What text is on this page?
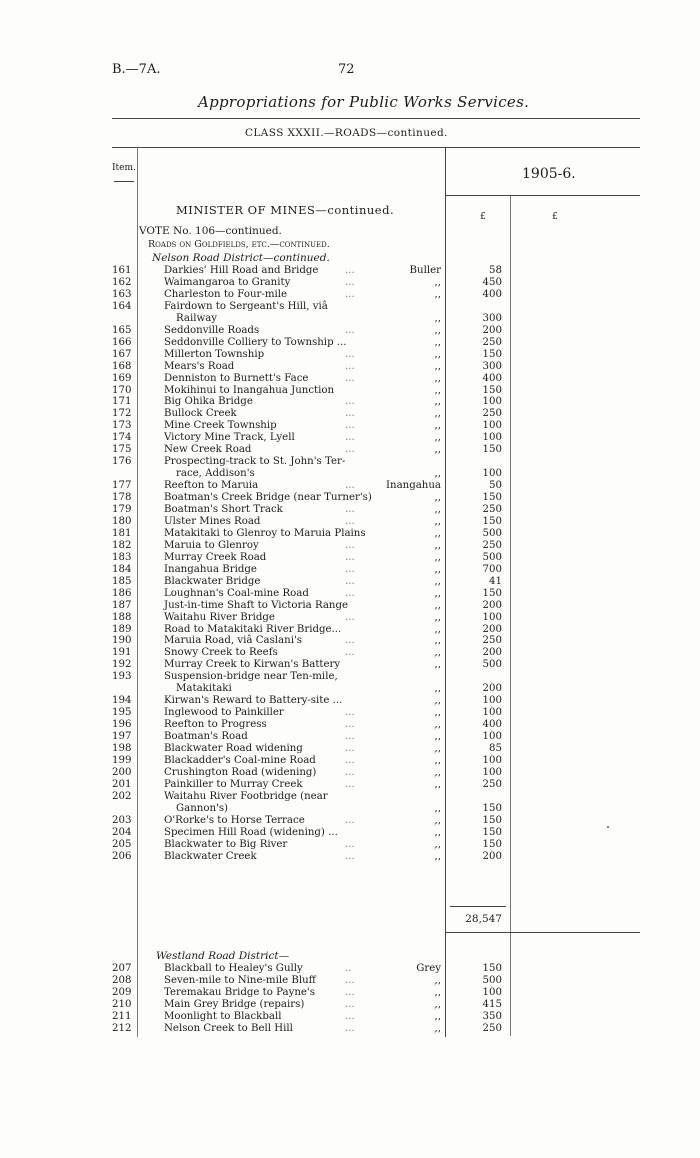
B.—7A.	72
Appropriations for Public Works Services.
CLASS XXXII.—ROADS—continued.
Item.	1905-6.
£	£
MINISTER OF MINES—continued.
VOTE No. 106—continued.
Roads on Goldfields, etc.—continued.
Nelson Road District—continued.
161	Darkies' Hill Road and Bridge	...	Buller	58
162	Waimangaroa to Granity	...	,,	450
163	Charleston to Four-mile	...	,,	400
164	Fairdown to Sergeant's Hill, viâ
Railway	,,	300
165	Seddonville Roads	...	,,	200
166	Seddonville Colliery to Township ...	,,	250
167	Millerton Township	...	,,	150
168	Mears's Road	...	,,	300
169	Denniston to Burnett's Face	...	,,	400
170	Mokihinui to Inangahua Junction	,,	150
171	Big Ohika Bridge	...	,,	100
172	Bullock Creek	...	,,	250
173	Mine Creek Township	...	,,	100
174	Victory Mine Track, Lyell	...	,,	100
175	New Creek Road	...	,,	150
176	Prospecting-track to St. John's Ter-
race, Addison's	,,	100
177	Reefton to Maruia	...	Inangahua	50
178	Boatman's Creek Bridge (near Turner's)	,,	150
179	Boatman's Short Track	...	,,	250
180	Ulster Mines Road	...	,,	150
181	Matakitaki to Glenroy to Maruia Plains	,,	500
182	Maruia to Glenroy	...	,,	250
183	Murray Creek Road	...	,,	500
184	Inangahua Bridge	...	,,	700
185	Blackwater Bridge	...	,,	41
186	Loughnan's Coal-mine Road	...	,,	150
187	Just-in-time Shaft to Victoria Range	,,	200
188	Waitahu River Bridge	...	,,	100
189	Road to Matakitaki River Bridge...	,,	200
190	Maruia Road, viâ Caslani's	...	,,	250
191	Snowy Creek to Reefs	...	,,	200
192	Murray Creek to Kirwan's Battery	,,	500
193	Suspension-bridge near Ten-mile,
Matakitaki	,,	200
194	Kirwan's Reward to Battery-site ...	,,	100
195	Inglewood to Painkiller	...	,,	100
196	Reefton to Progress	...	,,	400
197	Boatman's Road	...	,,	100
198	Blackwater Road widening	...	,,	85
199	Blackadder's Coal-mine Road	...	,,	100
200	Crushington Road (widening)	...	,,	100
201	Painkiller to Murray Creek	...	,,	250
202	Waitahu River Footbridge (near
Gannon's)	,,	150
203	O'Rorke's to Horse Terrace	...	,,	150
204	Specimen Hill Road (widening) ...	,,	150
205	Blackwater to Big River	...	,,	150
206	Blackwater Creek	...	,,	200
28,547
Westland Road District—
207	Blackball to Healey's Gully	..	Grey	150
208	Seven-mile to Nine-mile Bluff	...	,,	500
209	Teremakau Bridge to Payne's	...	,,	100
210	Main Grey Bridge (repairs)	...	,,	415
211	Moonlight to Blackball	...	,,	350
212	Nelson Creek to Bell Hill	...	,,	250
